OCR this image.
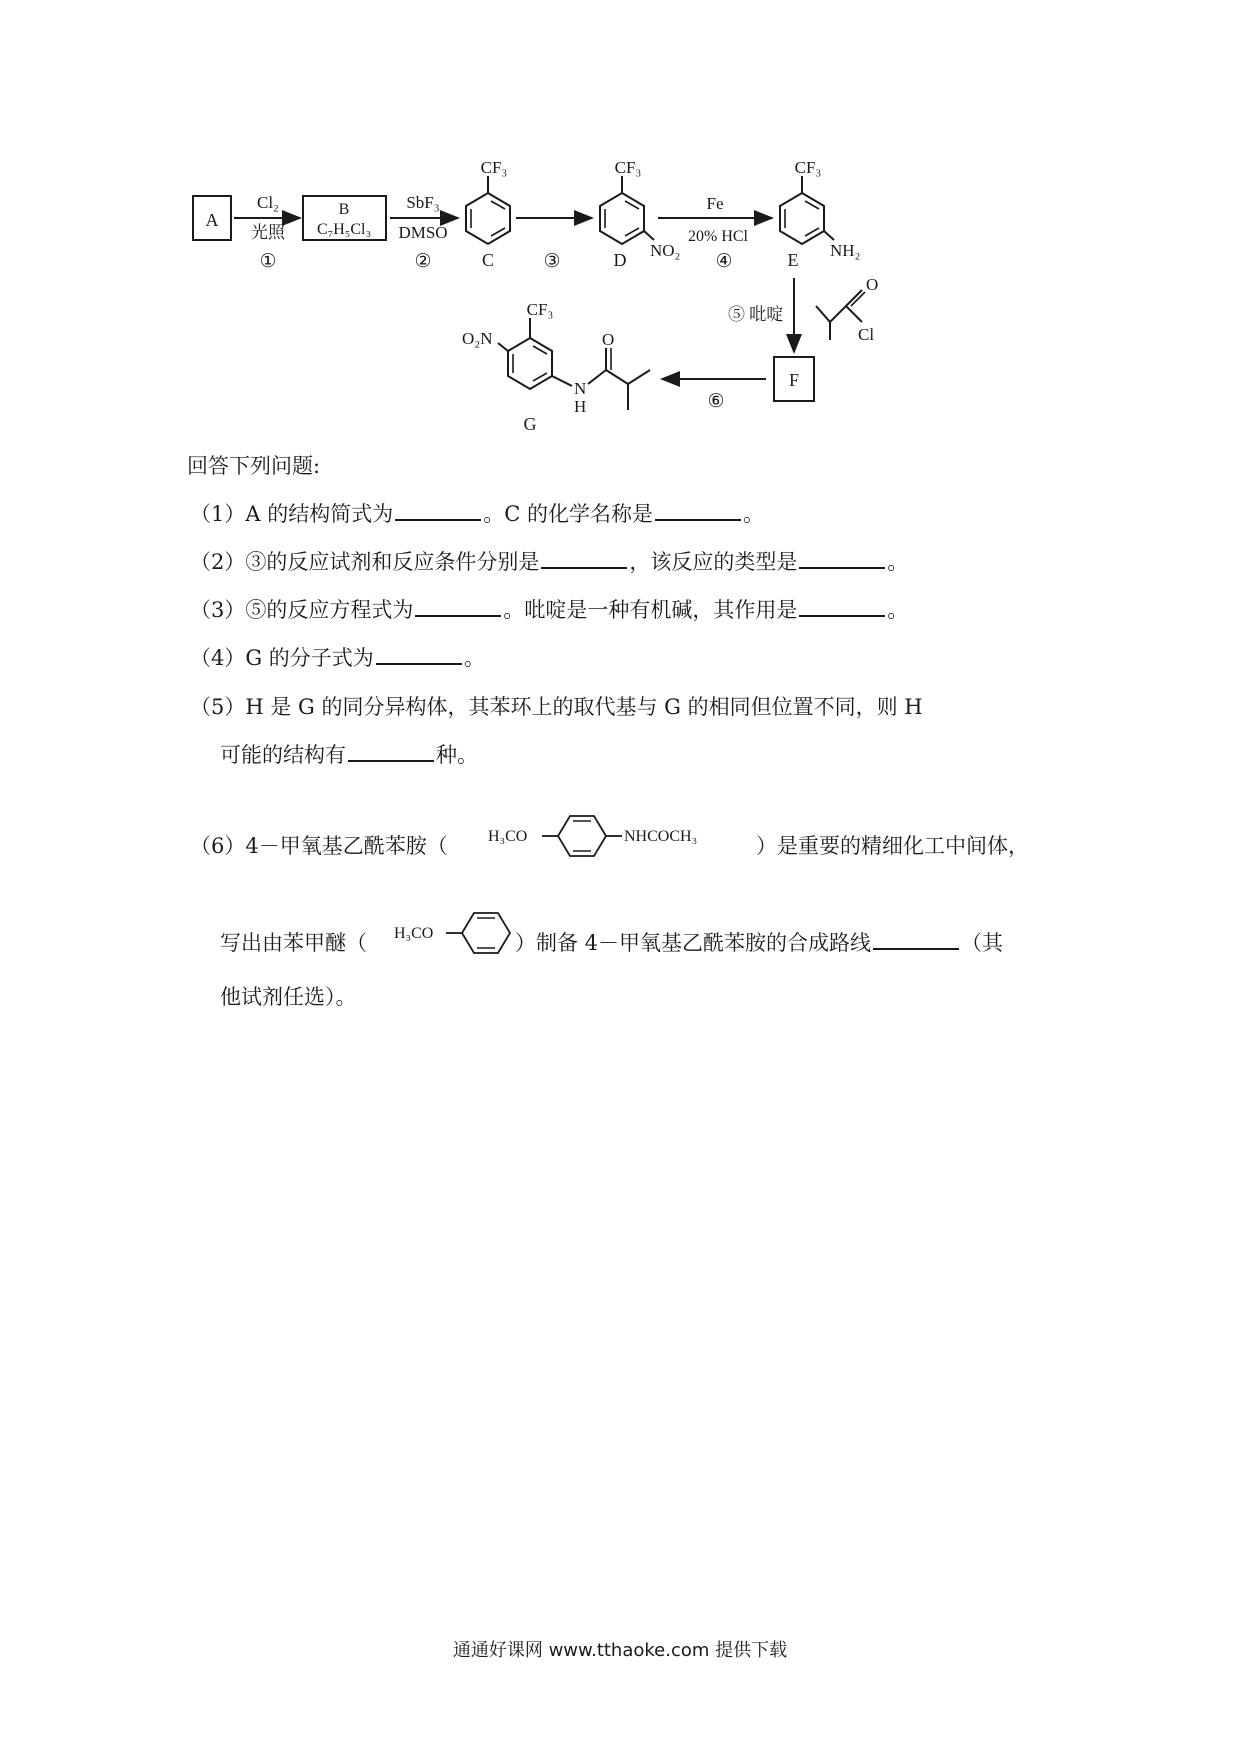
A
Cl₂
光照
①
B
C₇H₅Cl₃
SbF₃
DMSO
②
CF₃
C	③
CF₃
NO₂
D
Fe
20% HCl
④
CF₃
NH₂
E
⑤ 吡啶
O
Cl
F
⑥
CF₃
O₂N
N
H
O
G
回答下列问题:
（1）A 的结构简式为	。C 的化学名称是	。
（2）③的反应试剂和反应条件分别是	，该反应的类型是	。
（3）⑤的反应方程式为	。吡啶是一种有机碱，其作用是	。
（4）G 的分子式为	。
（5）H 是 G 的同分异构体，其苯环上的取代基与 G 的相同但位置不同，则 H
可能的结构有	种。
（6）4－甲氧基乙酰苯胺（	H₃CO	NHCOCH₃	）是重要的精细化工中间体，
写出由苯甲醚（ H₃CO	）制备 4－甲氧基乙酰苯胺的合成路线	（其
他试剂任选）。
通通好课网 www.tthaoke.com 提供下载
